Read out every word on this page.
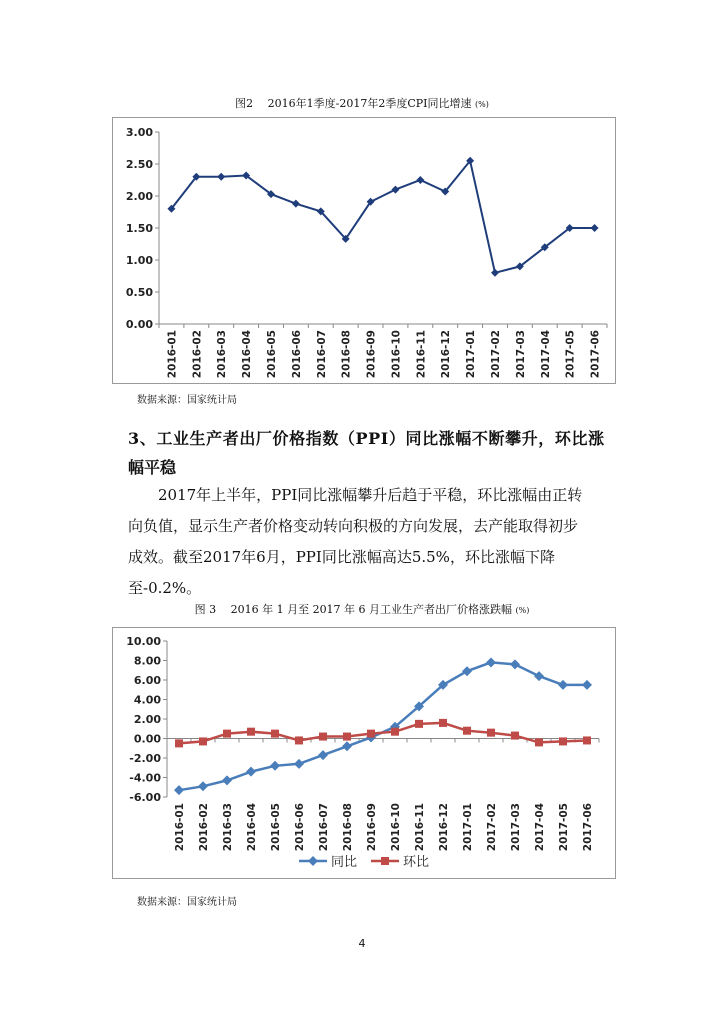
图2　 2016年1季度-2017年2季度CPI同比增速 (%)
0.00
0.50
1.00
1.50
2.00
2.50
3.00
2016-01 2016-02 2016-03 2016-04 2016-05 2016-06 2016-07 2016-08 2016-09 2016-10 2016-11 2016-12 2017-01 2017-02 2017-03 2017-04 2017-05 2017-06
数据来源：国家统计局
3、工业生产者出厂价格指数（PPI）同比涨幅不断攀升，环比涨
幅平稳
2017年上半年，PPI同比涨幅攀升后趋于平稳，环比涨幅由正转
向负值，显示生产者价格变动转向积极的方向发展，去产能取得初步
成效。截至2017年6月，PPI同比涨幅高达5.5%，环比涨幅下降至-0.2%。
图 3　 2016 年 1 月至 2017 年 6 月工业生产者出厂价格涨跌幅 (%)
-6.00
-4.00
-2.00
0.00
2.00
4.00
6.00
8.00
10.00
2016-01 2016-02 2016-03 2016-04 2016-05 2016-06 2016-07 2016-08 2016-09 2016-10 2016-11 2016-12 2017-01 2017-02 2017-03 2017-04 2017-05 2017-06
同比	环比
数据来源：国家统计局
4
